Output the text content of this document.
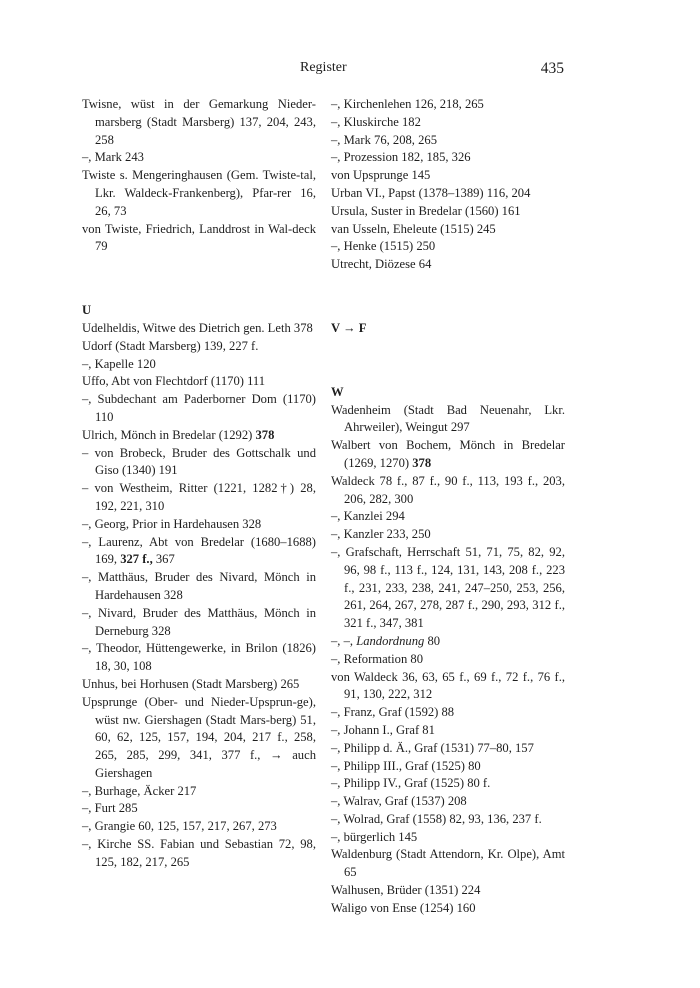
Register	435

Twisne, wüst in der Gemarkung Nieder-marsberg (Stadt Marsberg) 137, 204, 243, 258

–, Mark 243

Twiste s. Mengeringhausen (Gem. Twiste-tal, Lkr. Waldeck-Frankenberg), Pfar-rer 16, 26, 73

von Twiste, Friedrich, Landdrost in Wal-deck 79

U

Udelheldis, Witwe des Dietrich gen. Leth 378

Udorf (Stadt Marsberg) 139, 227 f.

–, Kapelle 120

Uffo, Abt von Flechtdorf (1170) 111

–, Subdechant am Paderborner Dom (1170) 110

Ulrich, Mönch in Bredelar (1292) 378

– von Brobeck, Bruder des Gottschalk und Giso (1340) 191

– von Westheim, Ritter (1221, 1282†) 28, 192, 221, 310

–, Georg, Prior in Hardehausen 328

–, Laurenz, Abt von Bredelar (1680–1688) 169, 327 f., 367

–, Matthäus, Bruder des Nivard, Mönch in Hardehausen 328

–, Nivard, Bruder des Matthäus, Mönch in Derneburg 328

–, Theodor, Hüttengewerke, in Brilon (1826) 18, 30, 108

Unhus, bei Horhusen (Stadt Marsberg) 265

Upsprunge (Ober- und Nieder-Upsprun-ge), wüst nw. Giershagen (Stadt Mars-berg) 51, 60, 62, 125, 157, 194, 204, 217 f., 258, 265, 285, 299, 341, 377 f., → auch Giershagen

–, Burhage, Äcker 217

–, Furt 285

–, Grangie 60, 125, 157, 217, 267, 273

–, Kirche SS. Fabian und Sebastian 72, 98, 125, 182, 217, 265

–, Kirchenlehen 126, 218, 265

–, Kluskirche 182

–, Mark 76, 208, 265

–, Prozession 182, 185, 326

von Upsprunge 145

Urban VI., Papst (1378–1389) 116, 204

Ursula, Suster in Bredelar (1560) 161

van Usseln, Eheleute (1515) 245

–, Henke (1515) 250

Utrecht, Diözese 64

V → F

W

Wadenheim (Stadt Bad Neuenahr, Lkr. Ahrweiler), Weingut 297

Walbert von Bochem, Mönch in Bredelar (1269, 1270) 378

Waldeck 78 f., 87 f., 90 f., 113, 193 f., 203, 206, 282, 300

–, Kanzlei 294

–, Kanzler 233, 250

–, Grafschaft, Herrschaft 51, 71, 75, 82, 92, 96, 98 f., 113 f., 124, 131, 143, 208 f., 223 f., 231, 233, 238, 241, 247–250, 253, 256, 261, 264, 267, 278, 287 f., 290, 293, 312 f., 321 f., 347, 381

–, –, Landordnung 80

–, Reformation 80

von Waldeck 36, 63, 65 f., 69 f., 72 f., 76 f., 91, 130, 222, 312

–, Franz, Graf (1592) 88

–, Johann I., Graf 81

–, Philipp d. Ä., Graf (1531) 77–80, 157

–, Philipp III., Graf (1525) 80

–, Philipp IV., Graf (1525) 80 f.

–, Walrav, Graf (1537) 208

–, Wolrad, Graf (1558) 82, 93, 136, 237 f.

–, bürgerlich 145

Waldenburg (Stadt Attendorn, Kr. Olpe), Amt 65

Walhusen, Brüder (1351) 224

Waligo von Ense (1254) 160
